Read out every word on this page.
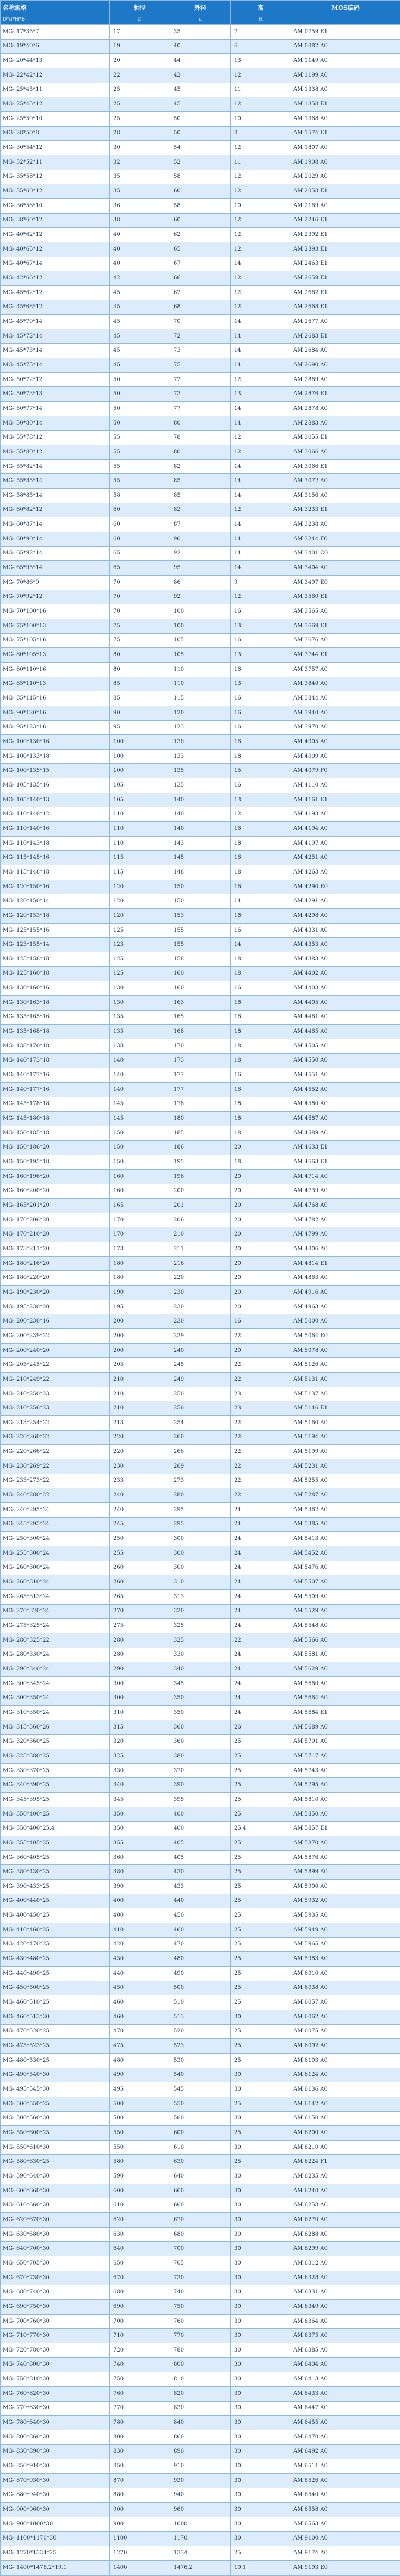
名称规格	轴径	外径	高	MOS编码
D*d*H*B	D	d	H	
MG- 17*35*7	17	35	7	AM 0759 E1
MG- 19*40*6	19	40	6	AM 0882 A0
MG- 20*44*13	20	44	13	AM 1149 A0
MG- 22*42*12	22	42	12	AM 1199 A0
MG- 25*45*11	25	45	11	AM 1338 A0
MG- 25*45*12	25	45	12	AM 1358 E1
MG- 25*50*10	25	50	10	AM 1368 A0
MG- 28*50*8	28	50	8	AM 1574 E1
MG- 30*54*12	30	54	12	AM 1807 A0
MG- 32*52*11	32	52	11	AM 1908 A0
MG- 35*58*12	35	58	12	AM 2029 A0
MG- 35*60*12	35	60	12	AM 2058 E1
MG- 36*58*10	36	58	10	AM 2169 A0
MG- 38*60*12	38	60	12	AM 2246 E1
MG- 40*62*12	40	62	12	AM 2392 E1
MG- 40*65*12	40	65	12	AM 2393 E1
MG- 40*67*14	40	67	14	AM 2463 E1
MG- 42*66*12	42	66	12	AM 2659 E1
MG- 45*62*12	45	62	12	AM 2662 E1
MG- 45*68*12	45	68	12	AM 2668 E1
MG- 45*70*14	45	70	14	AM 2677 A0
MG- 45*72*14	45	72	14	AM 2683 E1
MG- 45*73*14	45	73	14	AM 2684 A0
MG- 45*75*14	45	75	14	AM 2690 A0
MG- 50*72*12	50	72	12	AM 2869 A0
MG- 50*73*13	50	73	13	AM 2876 E1
MG- 50*77*14	50	77	14	AM 2878 A0
MG- 50*80*14	50	80	14	AM 2883 A0
MG- 55*78*12	55	78	12	AM 3055 E1
MG- 55*80*12	55	80	12	AM 3066 A0
MG- 55*82*14	55	82	14	AM 3066 E1
MG- 55*85*14	55	85	14	AM 3072 A0
MG- 58*85*14	58	85	14	AM 3156 A0
MG- 60*82*12	60	82	12	AM 3233 E1
MG- 60*87*14	60	87	14	AM 3238 A0
MG- 60*90*14	60	90	14	AM 3244 F0
MG- 65*92*14	65	92	14	AM 3401 C0
MG- 65*95*14	65	95	14	AM 3404 A0
MG- 70*86*9	70	86	9	AM 3497 E0
MG- 70*92*12	70	92	12	AM 3560 E1
MG- 70*100*16	70	100	16	AM 3565 A0
MG- 75*100*13	75	100	13	AM 3669 E1
MG- 75*105*16	75	105	16	AM 3676 A0
MG- 80*105*13	80	105	13	AM 3744 E1
MG- 80*110*16	80	110	16	AM 3757 A0
MG- 85*110*13	85	110	13	AM 3840 A0
MG- 85*115*16	85	115	16	AM 3844 A0
MG- 90*120*16	90	120	16	AM 3940 A0
MG- 95*123*16	95	123	16	AM 3970 A0
MG- 100*130*16	100	130	16	AM 4005 A0
MG- 100*133*18	100	133	18	AM 4009 A0
MG- 100*135*15	100	135	15	AM 4079 F0
MG- 105*135*16	105	135	16	AM 4110 A0
MG- 105*140*13	105	140	13	AM 4161 E1
MG- 110*140*12	110	140	12	AM 4193 A0
MG- 110*140*16	110	140	16	AM 4194 A0
MG- 110*143*18	110	143	18	AM 4197 A0
MG- 115*145*16	115	145	16	AM 4251 A0
MG- 115*148*18	115	148	18	AM 4263 A0
MG- 120*150*16	120	150	16	AM 4290 E0
MG- 120*150*14	120	150	14	AM 4291 A0
MG- 120*153*18	120	153	18	AM 4298 A0
MG- 125*155*16	125	155	16	AM 4331 A0
MG- 123*155*14	123	155	14	AM 4353 A0
MG- 125*158*18	125	158	18	AM 4383 A0
MG- 125*160*18	125	160	18	AM 4402 A0
MG- 130*160*16	130	160	16	AM 4403 A0
MG- 130*163*18	130	163	18	AM 4405 A0
MG- 135*165*16	135	165	16	AM 4461 A0
MG- 135*168*18	135	168	18	AM 4465 A0
MG- 138*170*18	138	170	18	AM 4505 A0
MG- 140*173*18	140	173	18	AM 4550 A0
MG- 140*177*16	140	177	16	AM 4551 A0
MG- 140*177*16	140	177	16	AM 4552 A0
MG- 145*178*18	145	178	18	AM 4580 A0
MG- 145*180*18	145	180	18	AM 4587 A0
MG- 150*185*18	150	185	18	AM 4589 A0
MG- 150*186*20	150	186	20	AM 4633 E1
MG- 150*195*18	150	195	18	AM 4663 E1
MG- 160*196*20	160	196	20	AM 4714 A0
MG- 160*200*20	160	200	20	AM 4739 A0
MG- 165*201*20	165	201	20	AM 4768 A0
MG- 170*206*20	170	206	20	AM 4782 A0
MG- 170*210*20	170	210	20	AM 4799 A0
MG- 173*211*20	173	211	20	AM 4806 A0
MG- 180*216*20	180	216	20	AM 4814 E1
MG- 180*220*20	180	220	20	AM 4863 A0
MG- 190*230*20	190	230	20	AM 4916 A0
MG- 195*230*20	195	230	20	AM 4963 A0
MG- 200*230*16	200	230	16	AM 5000 A0
MG- 200*239*22	200	239	22	AM 5064 E0
MG- 200*240*20	200	240	20	AM 5078 A0
MG- 205*245*22	205	245	22	AM 5126 A0
MG- 210*249*22	210	249	22	AM 5131 A0
MG- 210*250*23	210	250	23	AM 5137 A0
MG- 210*256*23	210	256	23	AM 5146 E1
MG- 213*254*22	213	254	22	AM 5160 A0
MG- 220*260*22	220	260	22	AM 5194 A0
MG- 220*266*22	220	266	22	AM 5199 A0
MG- 230*269*22	230	269	22	AM 5231 A0
MG- 233*273*22	233	273	22	AM 5255 A0
MG- 240*280*22	240	280	22	AM 5287 A0
MG- 240*295*24	240	295	24	AM 5362 A0
MG- 245*295*24	245	295	24	AM 5385 A0
MG- 250*300*24	250	300	24	AM 5413 A0
MG- 255*300*24	255	300	24	AM 5452 A0
MG- 260*300*24	260	300	24	AM 5476 A0
MG- 260*310*24	260	310	24	AM 5507 A0
MG- 265*313*24	265	313	24	AM 5509 A0
MG- 270*320*24	270	320	24	AM 5529 A0
MG- 275*325*24	275	325	24	AM 5548 A0
MG- 280*325*22	280	325	22	AM 5566 A0
MG- 280*330*24	280	330	24	AM 5581 A0
MG- 290*340*24	290	340	24	AM 5629 A0
MG- 300*345*24	300	345	24	AM 5660 A0
MG- 300*350*24	300	350	24	AM 5664 A0
MG- 310*350*24	310	350	24	AM 5684 E1
MG- 315*360*26	315	360	26	AM 5689 A0
MG- 320*360*25	320	360	25	AM 5701 A0
MG- 325*380*25	325	380	25	AM 5717 A0
MG- 330*370*25	330	370	25	AM 5743 A0
MG- 340*390*25	340	390	25	AM 5795 A0
MG- 345*395*25	345	395	25	AM 5810 A0
MG- 350*400*25	350	400	25	AM 5850 A0
MG- 350*400*25.4	350	400	25.4	AM 5857 E1
MG- 355*405*25	355	405	25	AM 5870 A0
MG- 360*405*25	360	405	25	AM 5876 A0
MG- 380*430*25	380	430	25	AM 5899 A0
MG- 390*433*25	390	433	25	AM 5900 A0
MG- 400*440*25	400	440	25	AM 5932 A0
MG- 400*450*25	400	450	25	AM 5935 A0
MG- 410*460*25	410	460	25	AM 5949 A0
MG- 420*470*25	420	470	25	AM 5965 A0
MG- 430*480*25	430	480	25	AM 5983 A0
MG- 440*490*25	440	490	25	AM 6010 A0
MG- 450*500*25	450	500	25	AM 6038 A0
MG- 460*510*25	460	510	25	AM 6057 A0
MG- 460*513*30	460	513	30	AM 6062 A0
MG- 470*520*25	470	520	25	AM 6075 A0
MG- 475*523*25	475	523	25	AM 6092 A0
MG- 480*530*25	480	530	25	AM 6103 A0
MG- 490*540*30	490	540	30	AM 6124 A0
MG- 495*545*30	495	545	30	AM 6136 A0
MG- 500*550*25	500	550	25	AM 6142 A0
MG- 500*560*30	500	560	30	AM 6150 A0
MG- 550*600*25	550	600	25	AM 6200 A0
MG- 550*610*30	550	610	30	AM 6210 A0
MG- 580*630*25	580	630	25	AM 6224 F1
MG- 590*640*30	590	640	30	AM 6235 A0
MG- 600*660*30	600	660	30	AM 6240 A0
MG- 610*660*30	610	660	30	AM 6258 A0
MG- 620*670*30	620	670	30	AM 6270 A0
MG- 630*680*30	630	680	30	AM 6288 A0
MG- 640*700*30	640	700	30	AM 6299 A0
MG- 650*705*30	650	705	30	AM 6312 A0
MG- 670*730*30	670	730	30	AM 6328 A0
MG- 680*740*30	680	740	30	AM 6331 A0
MG- 690*750*30	690	750	30	AM 6349 A0
MG- 700*760*30	700	760	30	AM 6364 A0
MG- 710*770*30	710	770	30	AM 6375 A0
MG- 720*780*30	720	780	30	AM 6385 A0
MG- 740*800*30	740	800	30	AM 6404 A0
MG- 750*810*30	750	810	30	AM 6413 A0
MG- 760*820*30	760	820	30	AM 6433 A0
MG- 770*830*30	770	830	30	AM 6447 A0
MG- 780*840*30	780	840	30	AM 6455 A0
MG- 800*860*30	800	860	30	AM 6470 A0
MG- 830*890*30	830	890	30	AM 6492 A0
MG- 850*910*30	850	910	30	AM 6511 A0
MG- 870*930*30	870	930	30	AM 6526 A0
MG- 880*940*30	880	940	30	AM 6540 A0
MG- 900*960*30	900	960	30	AM 6558 A0
MG- 900*1000*30	900	1000	30	AM 6563 A0
MG- 1100*1170*30	1100	1170	30	AM 9100 A0
MG- 1270*1334*25	1270	1334	25	AM 9174 A0
MG- 1400*1476.2*19.1	1400	1476.2	19.1	AM 9193 E0
